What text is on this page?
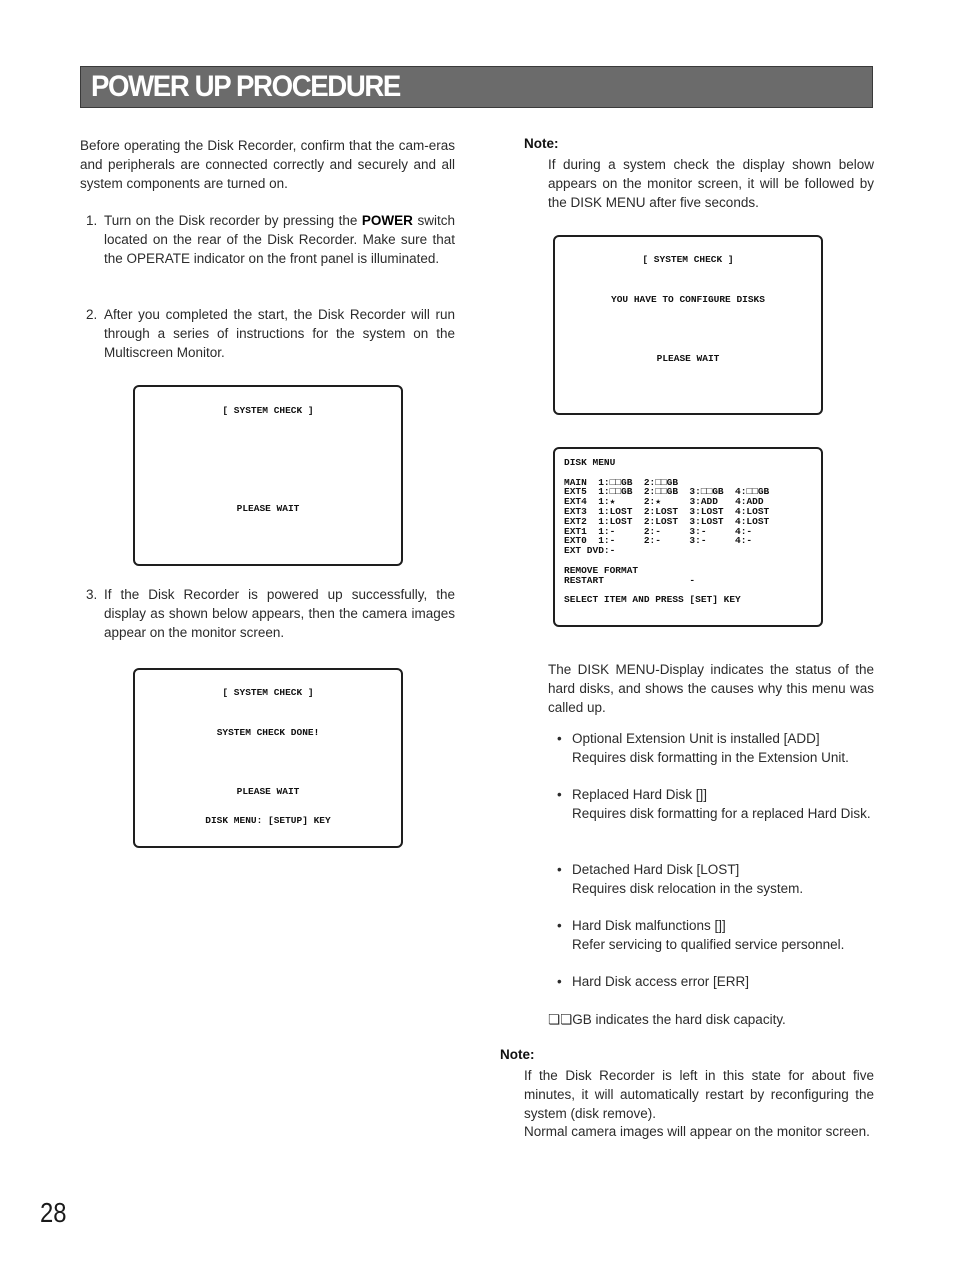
POWER UP PROCEDURE

Before operating the Disk Recorder, confirm that the cam-eras and peripherals are connected correctly and securely and all system components are turned on.

1. Turn on the Disk recorder by pressing the POWER switch located on the rear of the Disk Recorder. Make sure that the OPERATE indicator on the front panel is illuminated.

2. After you completed the start, the Disk Recorder will run through a series of instructions for the system on the Multiscreen Monitor.

[ SYSTEM CHECK ]
PLEASE WAIT
3. If the Disk Recorder is powered up successfully, the display as shown below appears, then the camera images appear on the monitor screen.

[ SYSTEM CHECK ]
SYSTEM CHECK DONE!
PLEASE WAIT
DISK MENU: [SETUP] KEY
Note:

If during a system check the display shown below appears on the monitor screen, it will be followed by the DISK MENU after five seconds.

[ SYSTEM CHECK ]
YOU HAVE TO CONFIGURE DISKS
PLEASE WAIT
DISK MENU

MAIN  1:□□GB  2:□□GB
EXT5  1:□□GB  2:□□GB  3:□□GB  4:□□GB
EXT4  1:★     2:★     3:ADD   4:ADD
EXT3  1:LOST  2:LOST  3:LOST  4:LOST
EXT2  1:LOST  2:LOST  3:LOST  4:LOST
EXT1  1:-     2:-     3:-     4:-
EXT0  1:-     2:-     3:-     4:-
EXT DVD:-

REMOVE FORMAT
RESTART               -

SELECT ITEM AND PRESS [SET] KEY

The DISK MENU-Display indicates the status of the hard disks, and shows the causes why this menu was called up.

• Optional Extension Unit is installed [ADD]
Requires disk formatting in the Extension Unit.
• Replaced Hard Disk []]
Requires disk formatting for a replaced Hard Disk.
• Detached Hard Disk [LOST]
Requires disk relocation in the system.
• Hard Disk malfunctions []]
Refer servicing to qualified service personnel.
• Hard Disk access error [ERR]
❏❏GB indicates the hard disk capacity.
Note:

If the Disk Recorder is left in this state for about five minutes, it will automatically restart by reconfiguring the system (disk remove).

Normal camera images will appear on the monitor screen.

28
